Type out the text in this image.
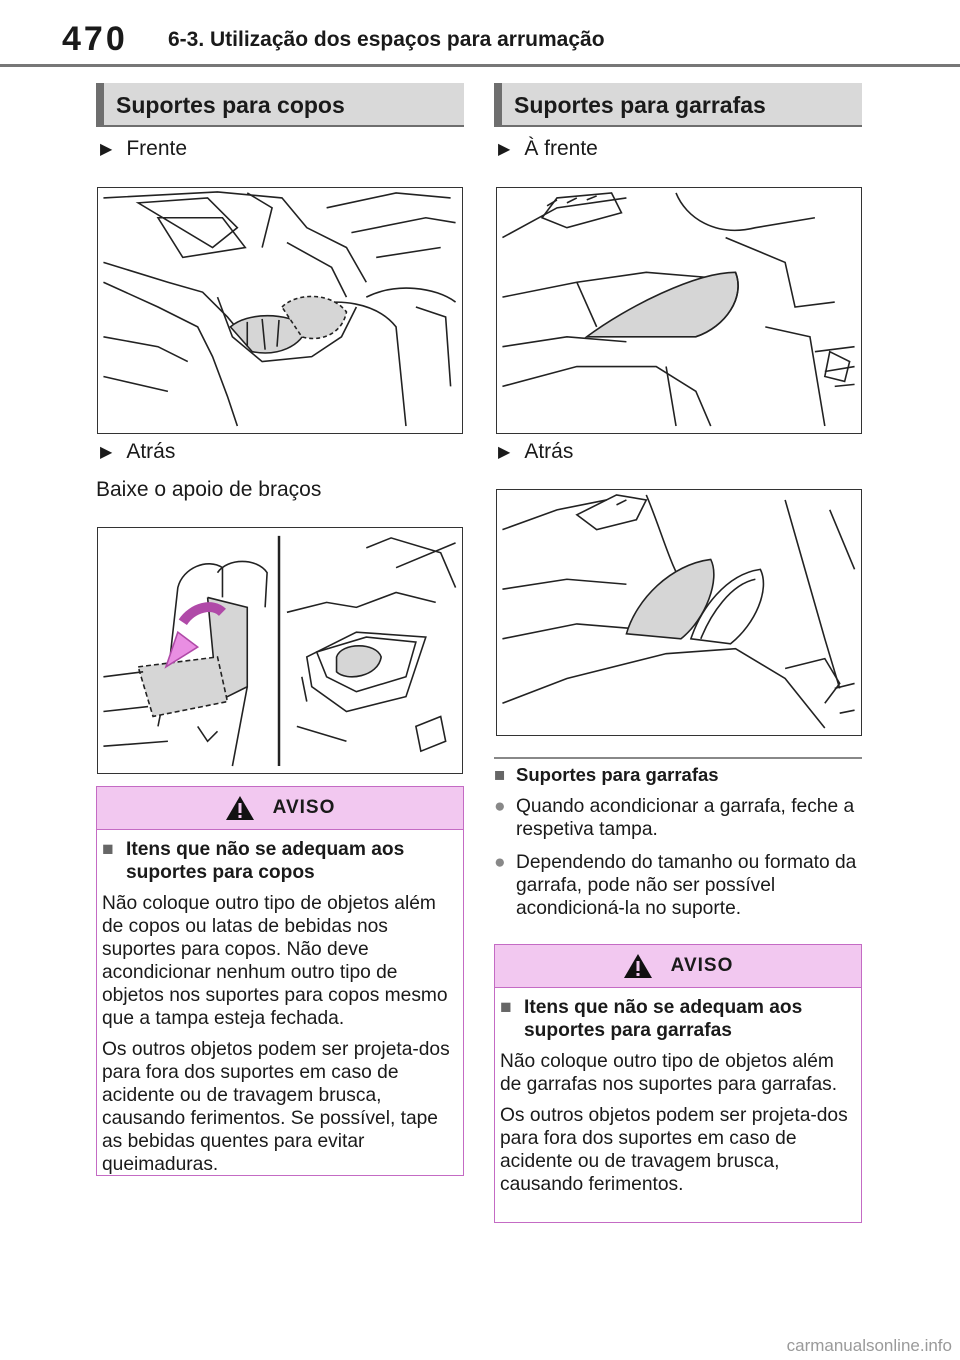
470 6-3. Utilização dos espaços para arrumação
Suportes para copos
▶ Frente
▶ Atrás
Baixe o apoio de braços
AVISO
■ Itens que não se adequam aos suportes para copos

Não coloque outro tipo de objetos além de copos ou latas de bebidas nos suportes para copos. Não deve acondicionar nenhum outro tipo de objetos nos suportes para copos mesmo que a tampa esteja fechada.

Os outros objetos podem ser projeta-dos para fora dos suportes em caso de acidente ou de travagem brusca, causando ferimentos. Se possível, tape as bebidas quentes para evitar queimaduras.

Suportes para garrafas
▶ À frente
▶ Atrás
■ Suportes para garrafas
● Quando acondicionar a garrafa, feche a respetiva tampa.
● Dependendo do tamanho ou formato da garrafa, pode não ser possível acondicioná-la no suporte.
AVISO
■ Itens que não se adequam aos suportes para garrafas

Não coloque outro tipo de objetos além de garrafas nos suportes para garrafas.

Os outros objetos podem ser projeta-dos para fora dos suportes em caso de acidente ou de travagem brusca, causando ferimentos.

carmanualsonline.info
